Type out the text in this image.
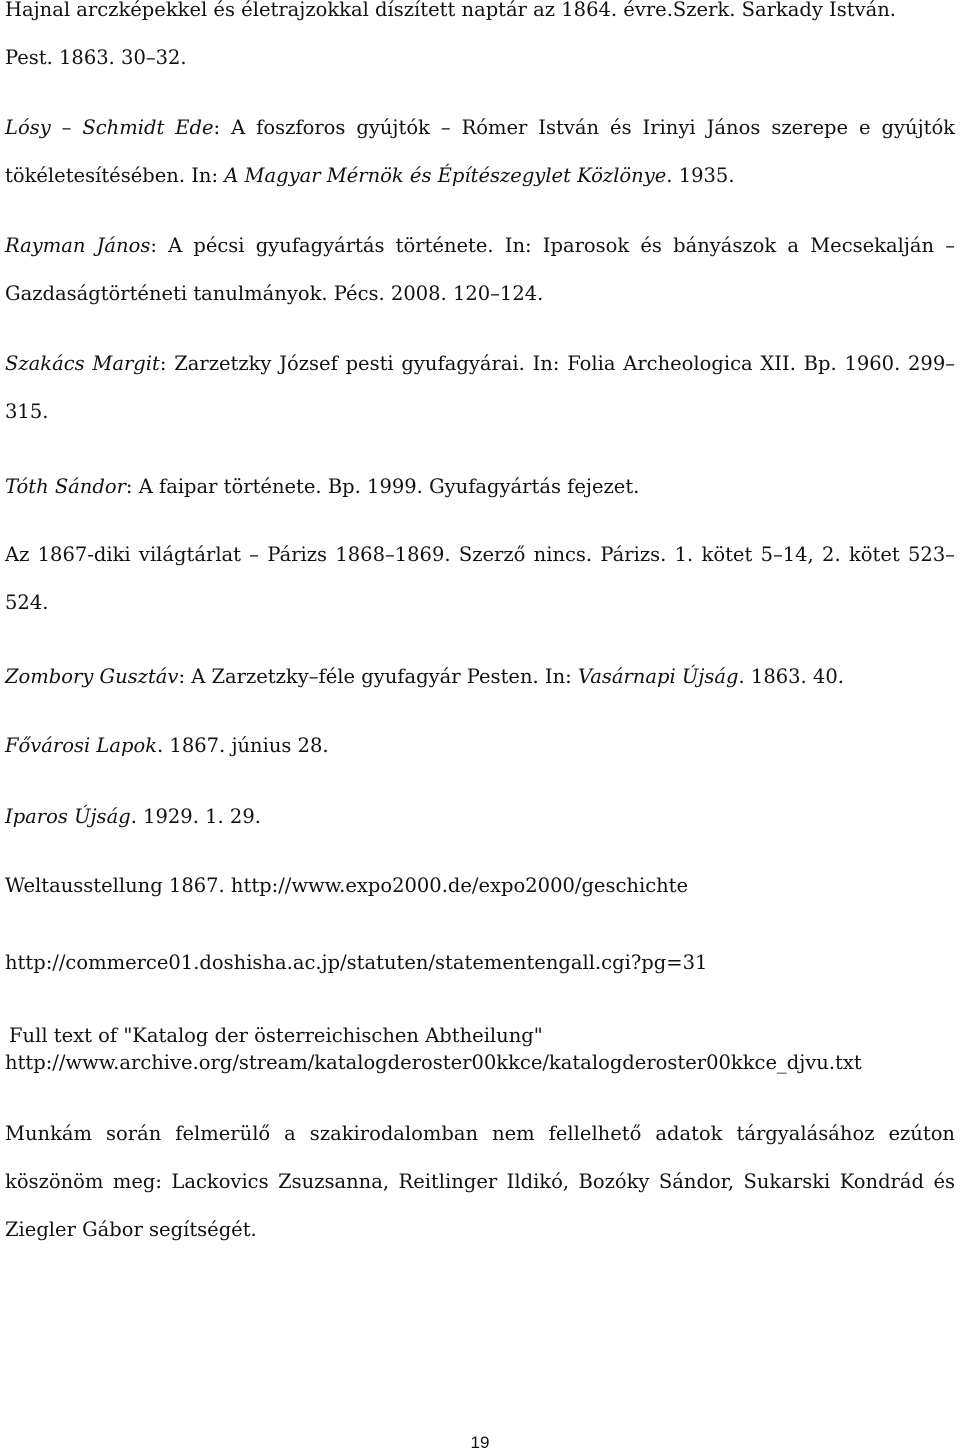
Hajnal arczképekkel és életrajzokkal díszített naptár az 1864. évre.Szerk. Sarkady István.
Pest. 1863. 30–32.

Lósy – Schmidt Ede: A foszforos gyújtók – Rómer István és Irinyi János szerepe e gyújtók tökéletesítésében. In: A Magyar Mérnök és Építészegylet Közlönye. 1935.

Rayman János: A pécsi gyufagyártás története. In: Iparosok és bányászok a Mecsekalján – Gazdaságtörténeti tanulmányok. Pécs. 2008. 120–124.

Szakács Margit: Zarzetzky József pesti gyufagyárai. In: Folia Archeologica XII. Bp. 1960. 299–315.

Tóth Sándor: A faipar története. Bp. 1999. Gyufagyártás fejezet.

Az 1867-diki világtárlat – Párizs 1868–1869. Szerző nincs. Párizs. 1. kötet 5–14, 2. kötet 523–524.

Zombory Gusztáv: A Zarzetzky–féle gyufagyár Pesten. In: Vasárnapi Újság. 1863. 40.

Fővárosi Lapok. 1867. június 28.

Iparos Újság. 1929. 1. 29.

Weltausstellung 1867. http://www.expo2000.de/expo2000/geschichte

http://commerce01.doshisha.ac.jp/statuten/statementengall.cgi?pg=31

Full text of "Katalog der österreichischen Abtheilung"
http://www.archive.org/stream/katalogderoster00kkce/katalogderoster00kkce_djvu.txt

Munkám során felmerülő a szakirodalomban nem fellelhető adatok tárgyalásához ezúton köszönöm meg: Lackovics Zsuzsanna, Reitlinger Ildikó, Bozóky Sándor, Sukarski Kondrád és Ziegler Gábor segítségét.

19
